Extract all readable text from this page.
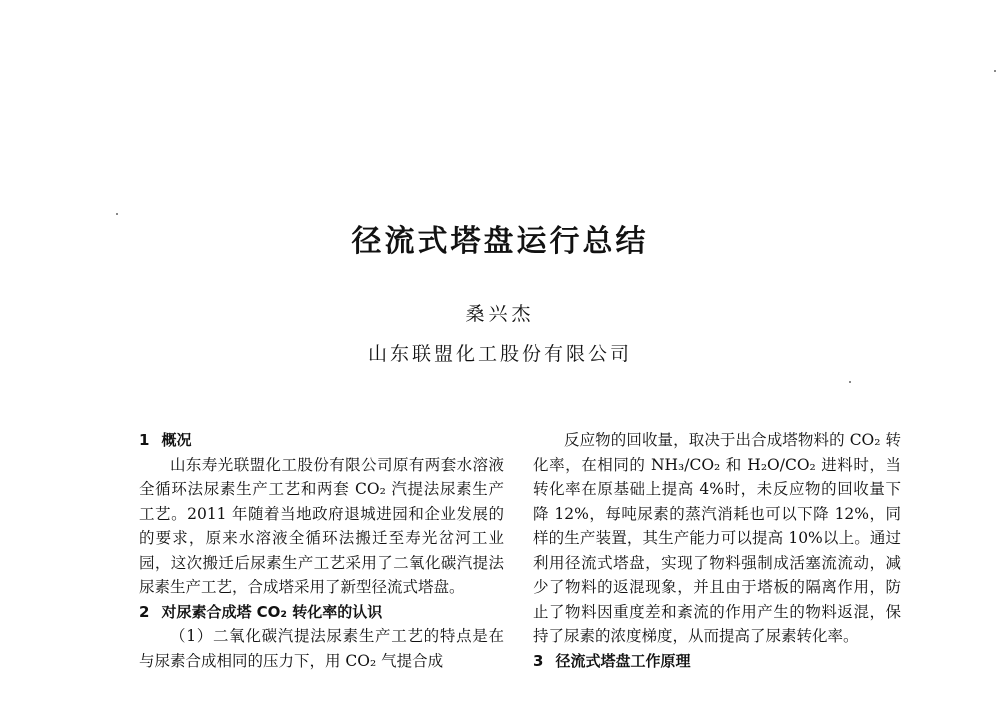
径流式塔盘运行总结
桑兴杰
山东联盟化工股份有限公司
1 概况

山东寿光联盟化工股份有限公司原有两套水溶液全循环法尿素生产工艺和两套 CO₂ 汽提法尿素生产工艺。2011 年随着当地政府退城进园和企业发展的的要求，原来水溶液全循环法搬迁至寿光岔河工业园，这次搬迁后尿素生产工艺采用了二氧化碳汽提法尿素生产工艺，合成塔采用了新型径流式塔盘。

2 对尿素合成塔 CO₂ 转化率的认识

（1）二氧化碳汽提法尿素生产工艺的特点是在与尿素合成相同的压力下，用 CO₂ 气提合成

反应物的回收量，取决于出合成塔物料的 CO₂ 转化率，在相同的 NH₃/CO₂ 和 H₂O/CO₂ 进料时，当转化率在原基础上提高 4%时，未反应物的回收量下降 12%，每吨尿素的蒸汽消耗也可以下降 12%，同样的生产装置，其生产能力可以提高 10%以上。通过利用径流式塔盘，实现了物料强制成活塞流流动，减少了物料的返混现象，并且由于塔板的隔离作用，防止了物料因重度差和紊流的作用产生的物料返混，保持了尿素的浓度梯度，从而提高了尿素转化率。

3 径流式塔盘工作原理
